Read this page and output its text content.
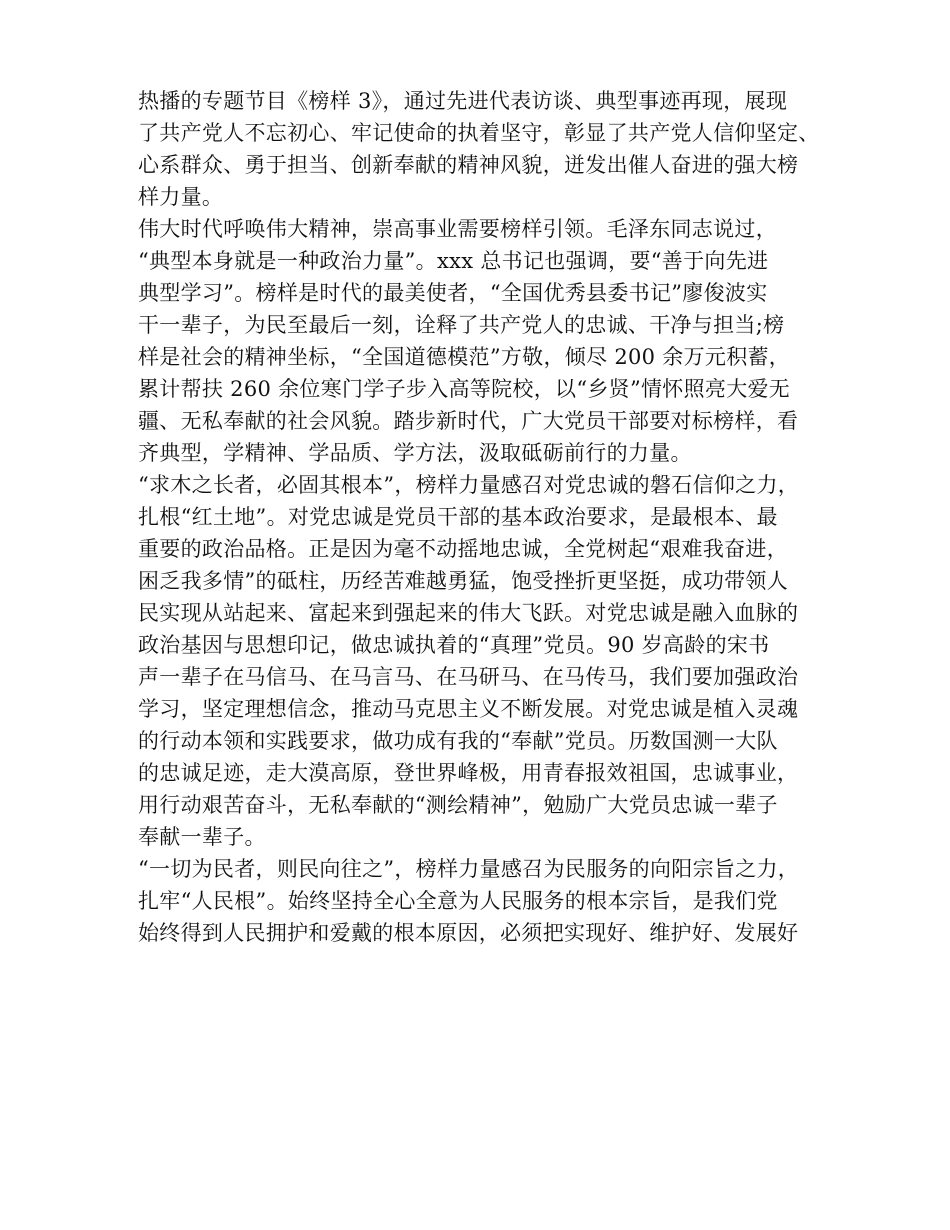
热播的专题节目《榜样 3》，通过先进代表访谈、典型事迹再现，展现
了共产党人不忘初心、牢记使命的执着坚守，彰显了共产党人信仰坚定、
心系群众、勇于担当、创新奉献的精神风貌，迸发出催人奋进的强大榜
样力量。
伟大时代呼唤伟大精神，崇高事业需要榜样引领。毛泽东同志说过，
“典型本身就是一种政治力量”。xxx 总书记也强调，要“善于向先进
典型学习”。榜样是时代的最美使者，“全国优秀县委书记”廖俊波实
干一辈子，为民至最后一刻，诠释了共产党人的忠诚、干净与担当;榜
样是社会的精神坐标，“全国道德模范”方敬，倾尽 200 余万元积蓄，
累计帮扶 260 余位寒门学子步入高等院校，以“乡贤”情怀照亮大爱无
疆、无私奉献的社会风貌。踏步新时代，广大党员干部要对标榜样，看
齐典型，学精神、学品质、学方法，汲取砥砺前行的力量。
“求木之长者，必固其根本”，榜样力量感召对党忠诚的磐石信仰之力，
扎根“红土地”。对党忠诚是党员干部的基本政治要求，是最根本、最
重要的政治品格。正是因为毫不动摇地忠诚，全党树起“艰难我奋进，
困乏我多情”的砥柱，历经苦难越勇猛，饱受挫折更坚挺，成功带领人
民实现从站起来、富起来到强起来的伟大飞跃。对党忠诚是融入血脉的
政治基因与思想印记，做忠诚执着的“真理”党员。90 岁高龄的宋书
声一辈子在马信马、在马言马、在马研马、在马传马，我们要加强政治
学习，坚定理想信念，推动马克思主义不断发展。对党忠诚是植入灵魂
的行动本领和实践要求，做功成有我的“奉献”党员。历数国测一大队
的忠诚足迹，走大漠高原，登世界峰极，用青春报效祖国，忠诚事业，
用行动艰苦奋斗，无私奉献的“测绘精神”，勉励广大党员忠诚一辈子
奉献一辈子。
“一切为民者，则民向往之”，榜样力量感召为民服务的向阳宗旨之力，
扎牢“人民根”。始终坚持全心全意为人民服务的根本宗旨，是我们党
始终得到人民拥护和爱戴的根本原因，必须把实现好、维护好、发展好
